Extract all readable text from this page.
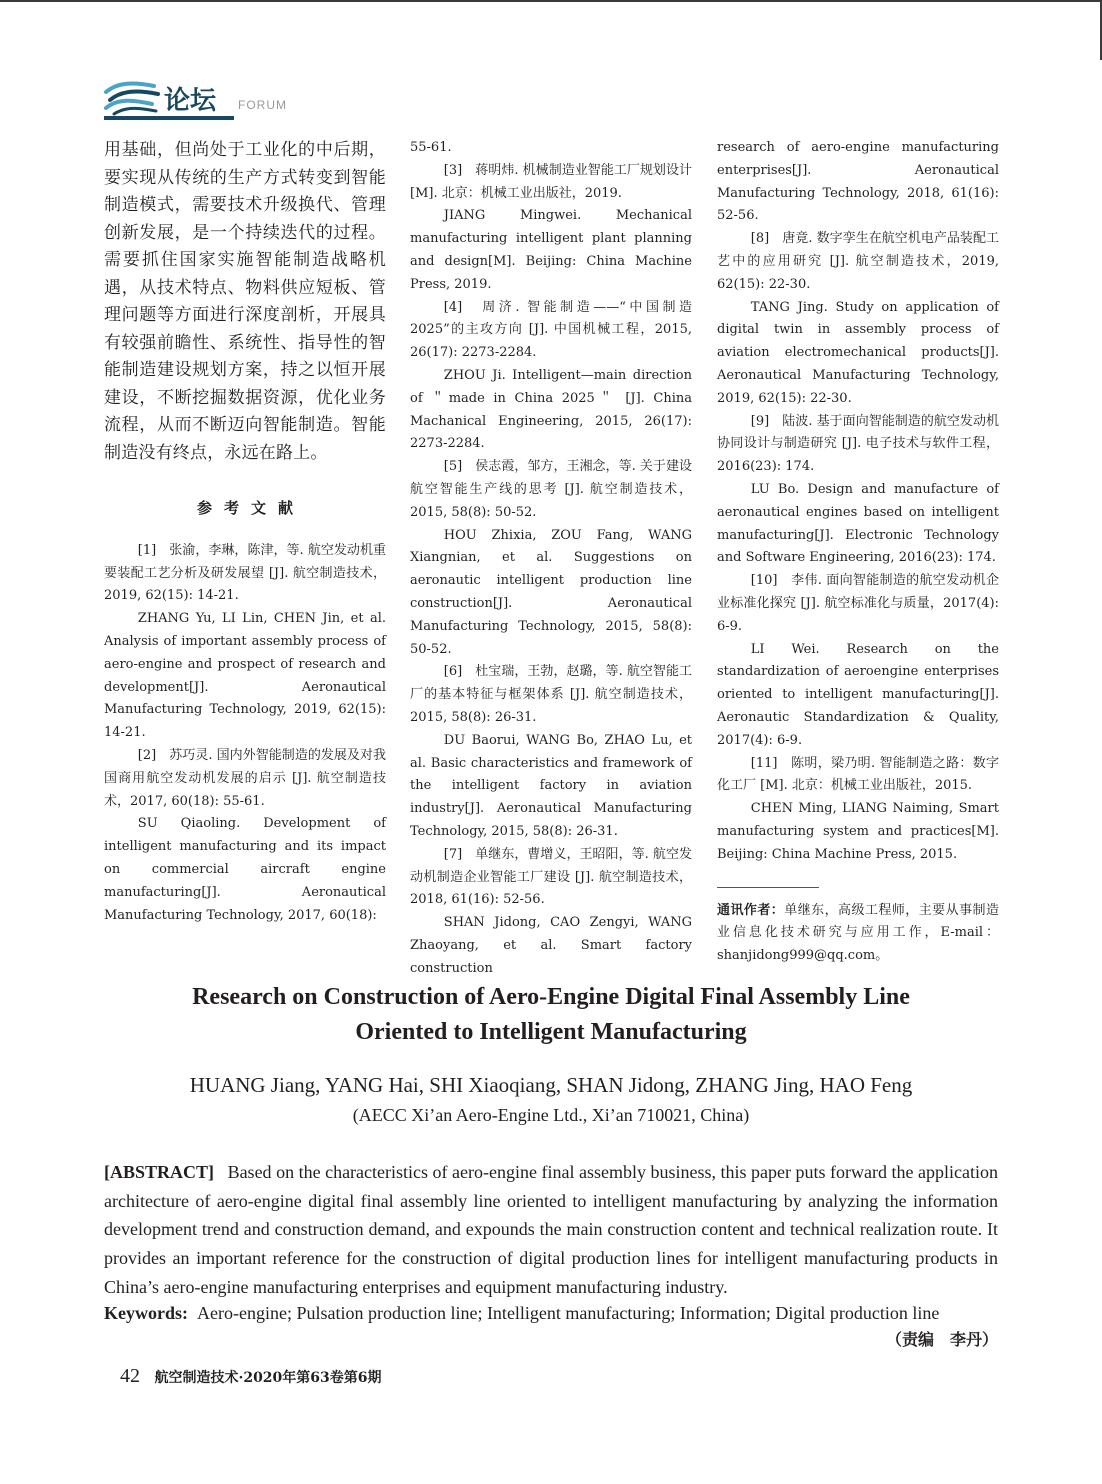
论坛 FORUM

用基础，但尚处于工业化的中后期，要实现从传统的生产方式转变到智能制造模式，需要技术升级换代、管理创新发展，是一个持续迭代的过程。需要抓住国家实施智能制造战略机遇，从技术特点、物料供应短板、管理问题等方面进行深度剖析，开展具有较强前瞻性、系统性、指导性的智能制造建设规划方案，持之以恒开展建设，不断挖掘数据资源，优化业务流程，从而不断迈向智能制造。智能制造没有终点，永远在路上。

参考文献

[1]　张渝，李琳，陈津，等. 航空发动机重要装配工艺分析及研发展望 [J]. 航空制造技术，2019, 62(15): 14-21.

ZHANG Yu, LI Lin, CHEN Jin, et al. Analysis of important assembly process of aero-engine and prospect of research and development[J]. Aeronautical Manufacturing Technology, 2019, 62(15): 14-21.

[2]　苏巧灵. 国内外智能制造的发展及对我国商用航空发动机发展的启示 [J]. 航空制造技术，2017, 60(18): 55-61.

SU Qiaoling. Development of intelligent manufacturing and its impact on commercial aircraft engine manufacturing[J]. Aeronautical Manufacturing Technology, 2017, 60(18):

55-61.

[3]　蒋明炜. 机械制造业智能工厂规划设计 [M]. 北京：机械工业出版社，2019.

JIANG Mingwei. Mechanical manufacturing intelligent plant planning and design[M]. Beijing: China Machine Press, 2019.

[4]　周济. 智能制造——“中国制造2025”的主攻方向 [J]. 中国机械工程，2015, 26(17): 2273-2284.

ZHOU Ji. Intelligent—main direction of ＂made in China 2025＂ [J]. China Machanical Engineering, 2015, 26(17): 2273-2284.

[5]　侯志霞，邹方，王湘念，等. 关于建设航空智能生产线的思考 [J]. 航空制造技术，2015, 58(8): 50-52.

HOU Zhixia, ZOU Fang, WANG Xiangnian, et al. Suggestions on aeronautic intelligent production line construction[J]. Aeronautical Manufacturing Technology, 2015, 58(8): 50-52.

[6]　杜宝瑞，王勃，赵璐，等. 航空智能工厂的基本特征与框架体系 [J]. 航空制造技术，2015, 58(8): 26-31.

DU Baorui, WANG Bo, ZHAO Lu, et al. Basic characteristics and framework of the intelligent factory in aviation industry[J]. Aeronautical Manufacturing Technology, 2015, 58(8): 26-31.

[7]　单继东，曹增义，王昭阳，等. 航空发动机制造企业智能工厂建设 [J]. 航空制造技术，2018, 61(16): 52-56.

SHAN Jidong, CAO Zengyi, WANG Zhaoyang, et al. Smart factory construction

research of aero-engine manufacturing enterprises[J]. Aeronautical Manufacturing Technology, 2018, 61(16): 52-56.

[8]　唐竟. 数字孪生在航空机电产品装配工艺中的应用研究 [J]. 航空制造技术，2019, 62(15): 22-30.

TANG Jing. Study on application of digital twin in assembly process of aviation electromechanical products[J]. Aeronautical Manufacturing Technology, 2019, 62(15): 22-30.

[9]　陆波. 基于面向智能制造的航空发动机协同设计与制造研究 [J]. 电子技术与软件工程，2016(23): 174.

LU Bo. Design and manufacture of aeronautical engines based on intelligent manufacturing[J]. Electronic Technology and Software Engineering, 2016(23): 174.

[10]　李伟. 面向智能制造的航空发动机企业标准化探究 [J]. 航空标准化与质量，2017(4): 6-9.

LI Wei. Research on the standardization of aeroengine enterprises oriented to intelligent manufacturing[J]. Aeronautic Standardization & Quality, 2017(4): 6-9.

[11]　陈明，梁乃明. 智能制造之路：数字化工厂 [M]. 北京：机械工业出版社，2015.

CHEN Ming, LIANG Naiming, Smart manufacturing system and practices[M]. Beijing: China Machine Press, 2015.

通讯作者：单继东，高级工程师，主要从事制造业信息化技术研究与应用工作，E-mail：shanjidong999@qq.com。

Research on Construction of Aero-Engine Digital Final Assembly Line
Oriented to Intelligent Manufacturing
HUANG Jiang, YANG Hai, SHI Xiaoqiang, SHAN Jidong, ZHANG Jing, HAO Feng
(AECC Xi’an Aero-Engine Ltd., Xi’an 710021, China)
[ABSTRACT] Based on the characteristics of aero-engine final assembly business, this paper puts forward the application architecture of aero-engine digital final assembly line oriented to intelligent manufacturing by analyzing the information development trend and construction demand, and expounds the main construction content and technical realization route. It provides an important reference for the construction of digital production lines for intelligent manufacturing products in China’s aero-engine manufacturing enterprises and equipment manufacturing industry.
Keywords: Aero-engine; Pulsation production line; Intelligent manufacturing; Information; Digital production line
（责编　李丹）
42 航空制造技术·2020年第63卷第6期
